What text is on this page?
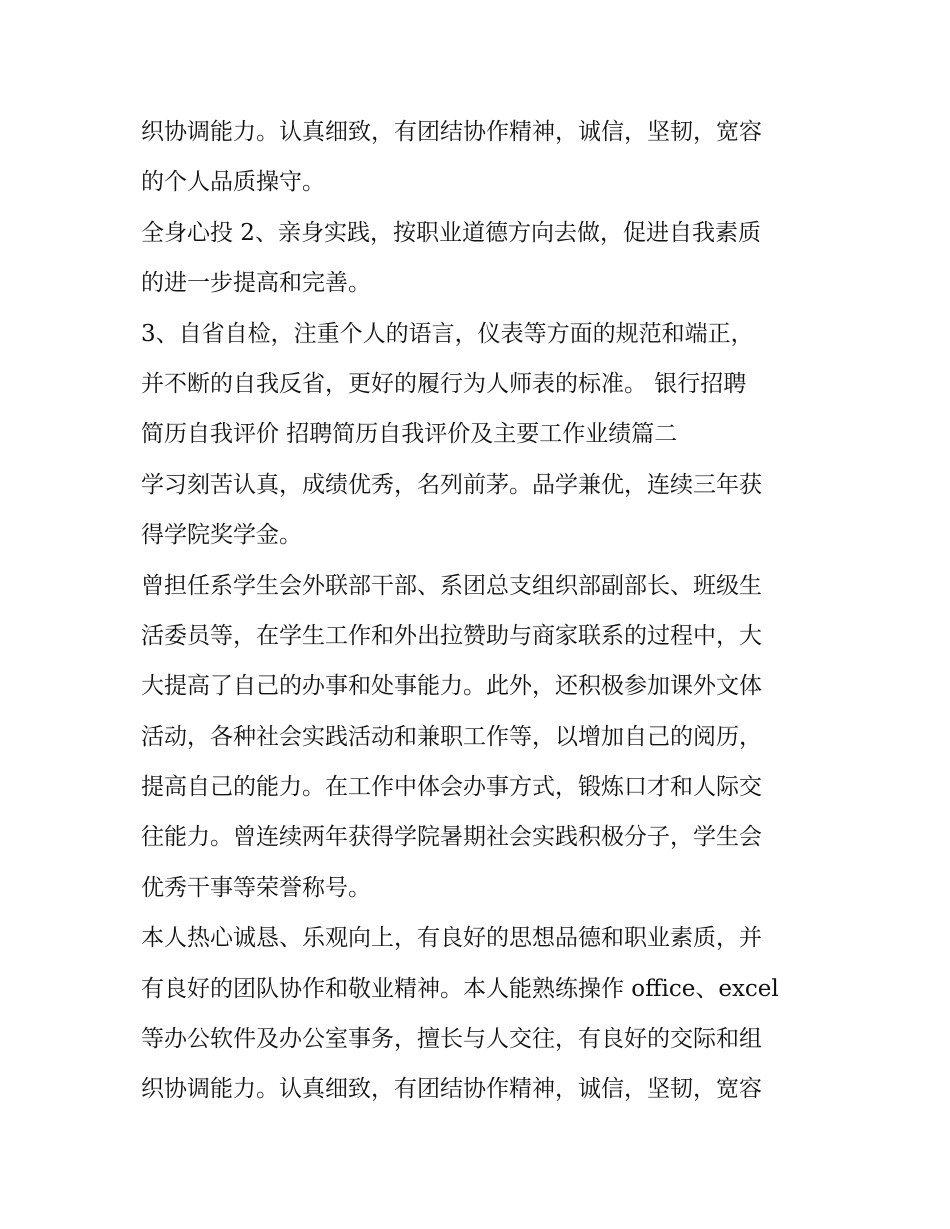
织协调能力。认真细致，有团结协作精神，诚信，坚韧，宽容
的个人品质操守。
全身心投 2、亲身实践，按职业道德方向去做，促进自我素质
的进一步提高和完善。
3、自省自检，注重个人的语言，仪表等方面的规范和端正，
并不断的自我反省，更好的履行为人师表的标准。 银行招聘
简历自我评价 招聘简历自我评价及主要工作业绩篇二
学习刻苦认真，成绩优秀，名列前茅。品学兼优，连续三年获
得学院奖学金。
曾担任系学生会外联部干部、系团总支组织部副部长、班级生
活委员等，在学生工作和外出拉赞助与商家联系的过程中，大
大提高了自己的办事和处事能力。此外，还积极参加课外文体
活动，各种社会实践活动和兼职工作等，以增加自己的阅历，
提高自己的能力。在工作中体会办事方式，锻炼口才和人际交
往能力。曾连续两年获得学院暑期社会实践积极分子，学生会
优秀干事等荣誉称号。
本人热心诚恳、乐观向上，有良好的思想品德和职业素质，并
有良好的团队协作和敬业精神。本人能熟练操作 office、excel
等办公软件及办公室事务，擅长与人交往，有良好的交际和组
织协调能力。认真细致，有团结协作精神，诚信，坚韧，宽容
